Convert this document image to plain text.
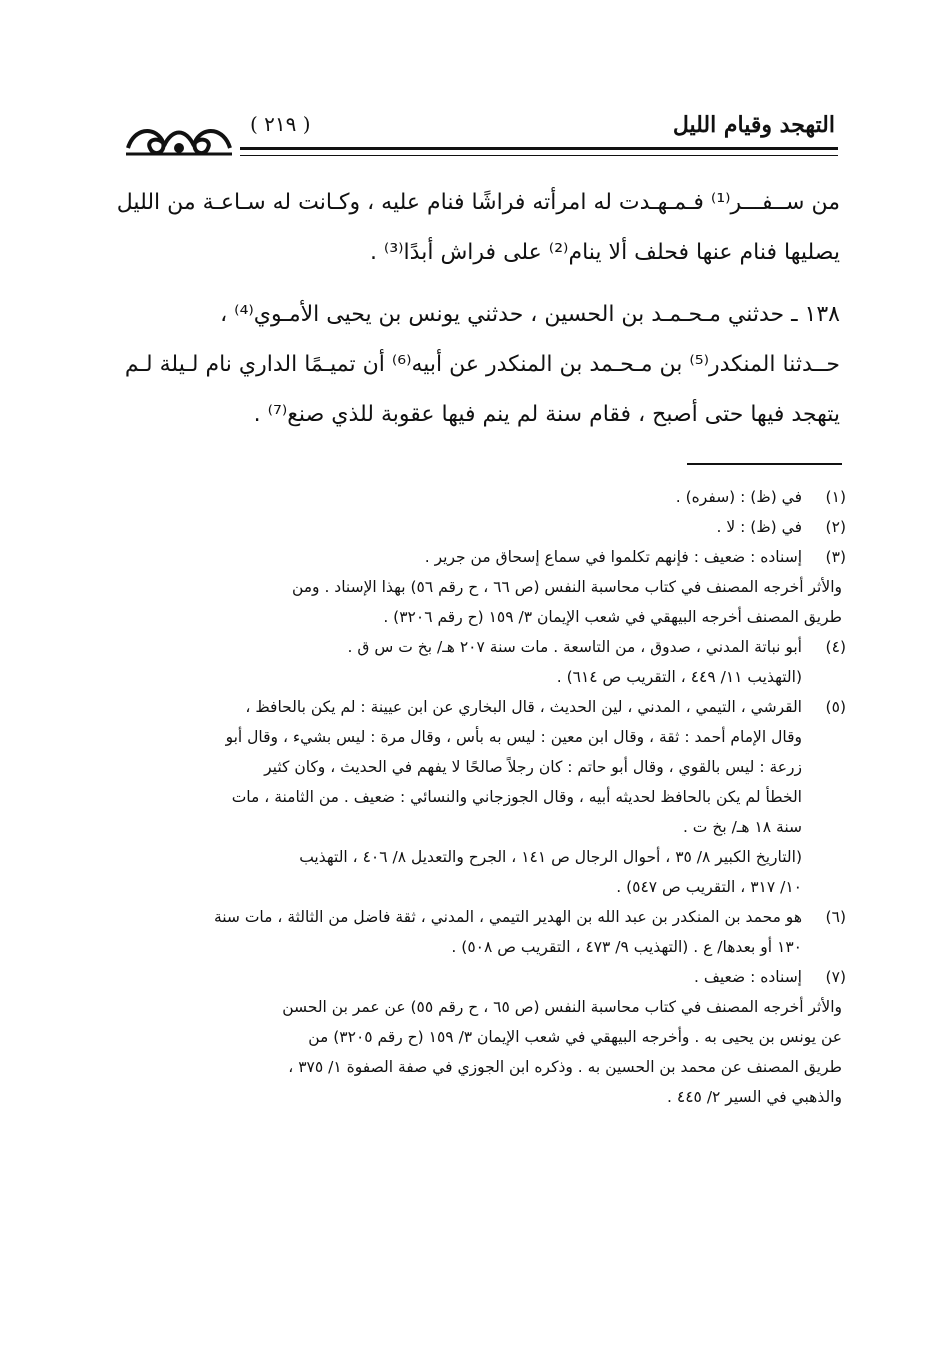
التهجد وقيام الليل
( ٢١٩ )

من ســفـــر⁽¹⁾ فـمـهـدت له امرأته فراشًا فنام عليه ، وكـانت له سـاعـة من الليل

يصليها فنام عنها فحلف ألا ينام⁽²⁾ على فراش أبدًا⁽³⁾ .

١٣٨ ـ حدثني مـحـمـد بن الحسين ، حدثني يونس بن يحيى الأمـوي⁽⁴⁾ ،

حــدثنا المنكدر⁽⁵⁾ بن مـحـمد بن المنكدر عن أبيه⁽⁶⁾ أن تميـمًا الداري نام لـيلة لـم

يتهجد فيها حتى أصبح ، فقام سنة لم ينم فيها عقوبة للذي صنع⁽⁷⁾ .

(١)
في (ظ) : (سفره) .
(٢)
في (ظ) : لا .
(٣)
إسناده : ضعيف : فإنهم تكلموا في سماع إسحاق من جرير .
والأثر أخرجه المصنف في كتاب محاسبة النفس (ص ٦٦ ، ح رقم ٥٦) بهذا الإسناد . ومن
طريق المصنف أخرجه البيهقي في شعب الإيمان ٣/ ١٥٩ (ح رقم ٣٢٠٦) .
(٤)
أبو نباتة المدني ، صدوق ، من التاسعة . مات سنة ٢٠٧ هـ/ بخ ت س ق .
(التهذيب ١١/ ٤٤٩ ، التقريب ص ٦١٤) .
(٥)
القرشي ، التيمي ، المدني ، لين الحديث ، قال البخاري عن ابن عيينة : لم يكن بالحافظ ،
وقال الإمام أحمد : ثقة ، وقال ابن معين : ليس به بأس ، وقال مرة : ليس بشيء ، وقال أبو
زرعة : ليس بالقوي ، وقال أبو حاتم : كان رجلاً صالحًا لا يفهم في الحديث ، وكان كثير
الخطأ لم يكن بالحافظ لحديثه أبيه ، وقال الجوزجاني والنسائي : ضعيف . من الثامنة ، مات
سنة ١٨ هـ/ بخ ت .
(التاريخ الكبير ٨/ ٣٥ ، أحوال الرجال ص ١٤١ ، الجرح والتعديل ٨/ ٤٠٦ ، التهذيب
١٠/ ٣١٧ ، التقريب ص ٥٤٧) .
(٦)
هو محمد بن المنكدر بن عبد الله بن الهدير التيمي ، المدني ، ثقة فاضل من الثالثة ، مات سنة
١٣٠ أو بعدها/ ع . (التهذيب ٩/ ٤٧٣ ، التقريب ص ٥٠٨) .
(٧)
إسناده : ضعيف .
والأثر أخرجه المصنف في كتاب محاسبة النفس (ص ٦٥ ، ح رقم ٥٥) عن عمر بن الحسن
عن يونس بن يحيى به . وأخرجه البيهقي في شعب الإيمان ٣/ ١٥٩ (ح رقم ٣٢٠٥) من
طريق المصنف عن محمد بن الحسين به . وذكره ابن الجوزي في صفة الصفوة ١/ ٣٧٥ ،
والذهبي في السير ٢/ ٤٤٥ .
